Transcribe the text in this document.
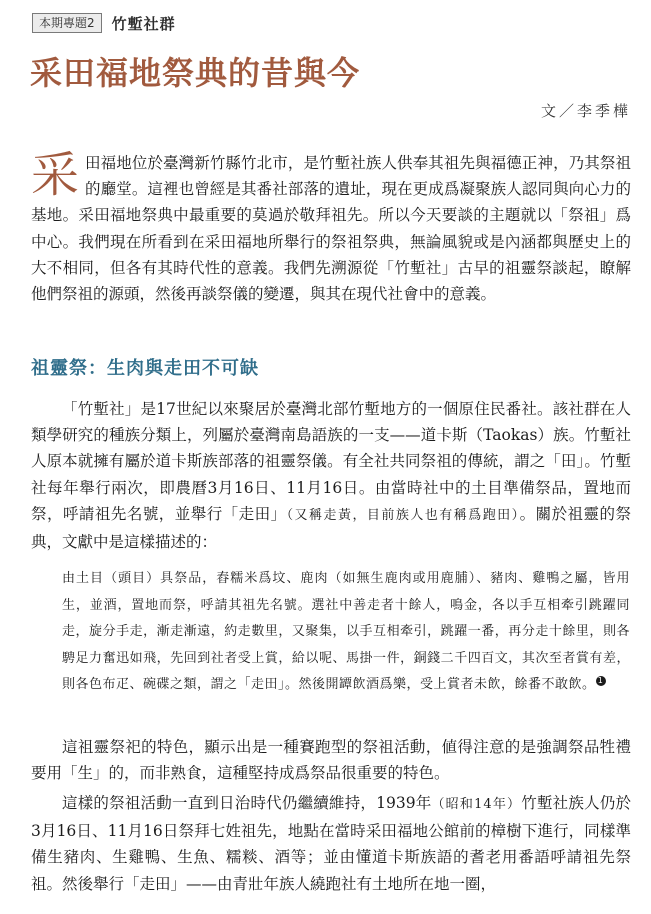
本期專題2	竹塹社群
采田福地祭典的昔與今
文／李季樺
采田福地位於臺灣新竹縣竹北市，是竹塹社族人供奉其祖先與福德正神，乃其祭祖的廳堂。這裡也曾經是其番社部落的遺址，現在更成爲凝聚族人認同與向心力的基地。采田福地祭典中最重要的莫過於敬拜祖先。所以今天要談的主題就以「祭祖」爲中心。我們現在所看到在采田福地所舉行的祭祖祭典，無論風貌或是內涵都與歷史上的大不相同，但各有其時代性的意義。我們先溯源從「竹塹社」古早的祖靈祭談起，瞭解他們祭祖的源頭，然後再談祭儀的變遷，與其在現代社會中的意義。
祖靈祭：生肉與走田不可缺
「竹塹社」是17世紀以來聚居於臺灣北部竹塹地方的一個原住民番社。該社群在人類學研究的種族分類上，列屬於臺灣南島語族的一支——道卡斯（Taokas）族。竹塹社人原本就擁有屬於道卡斯族部落的祖靈祭儀。有全社共同祭祖的傳統，謂之「田」。竹塹社每年舉行兩次，即農曆3月16日、11月16日。由當時社中的土目準備祭品，置地而祭，呼請祖先名號，並舉行「走田」（又稱走黃，目前族人也有稱爲跑田）。關於祖靈的祭典，文獻中是這樣描述的：
由土目（頭目）具祭品，舂糯米爲坟、鹿肉（如無生鹿肉或用鹿脯）、豬肉、雞鴨之屬，皆用生，並酒，置地而祭，呼請其祖先名號。選社中善走者十餘人，鳴金，各以手互相牽引跳躍同走，旋分手走，漸走漸遠，約走數里，又聚集，以手互相牽引，跳躍一番，再分走十餘里，則各騁足力奮迅如飛，先回到社者受上賞，給以呢、馬掛一件，銅錢二千四百文，其次至者賞有差，則各色布疋、碗碟之類，謂之「走田」。然後開罈飲酒爲樂，受上賞者未飲，餘番不敢飲。 1
這祖靈祭祀的特色，顯示出是一種賽跑型的祭祖活動，値得注意的是強調祭品牲禮要用「生」的，而非熟食，這種堅持成爲祭品很重要的特色。
這樣的祭祖活動一直到日治時代仍繼續維持，1939年（昭和14年）竹塹社族人仍於3月16日、11月16日祭拜七姓祖先，地點在當時采田福地公館前的樟樹下進行，同樣準備生豬肉、生雞鴨、生魚、糯䊏、酒等；並由懂道卡斯族語的耆老用番語呼請祖先祭祖。然後舉行「走田」——由青壯年族人繞跑社有土地所在地一圈，
